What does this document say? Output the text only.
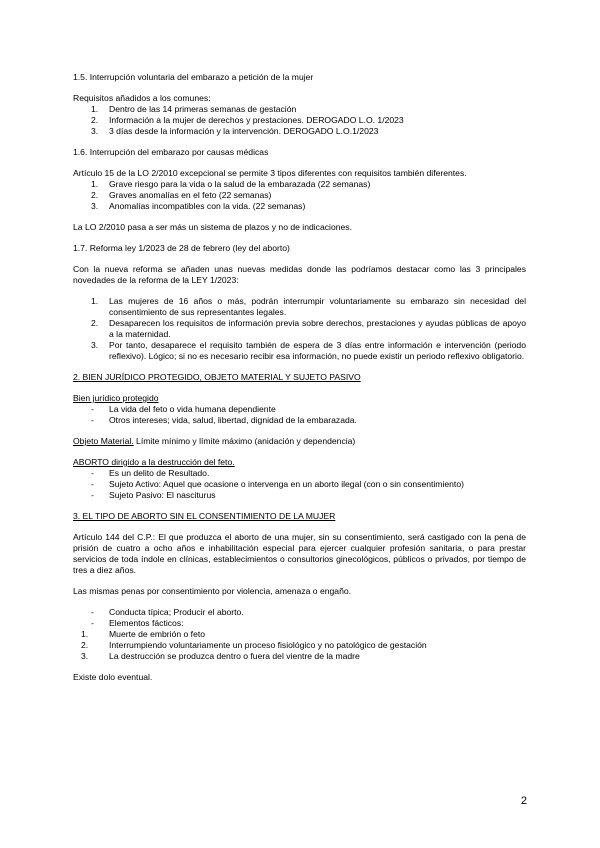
1.5. Interrupción voluntaria del embarazo a petición de la mujer

Requisitos añadidos a los comunes:

1. Dentro de las 14 primeras semanas de gestación
2. Información a la mujer de derechos y prestaciones. DEROGADO L.O. 1/2023
3. 3 días desde la información y la intervención. DEROGADO L.O.1/2023

1.6. Interrupción del embarazo por causas médicas

Artículo 15 de la LO 2/2010 excepcional se permite 3 tipos diferentes con requisitos también diferentes.

1. Grave riesgo para la vida o la salud de la embarazada (22 semanas)
2. Graves anomalías en el feto (22 semanas)
3. Anomalías incompatibles con la vida. (22 semanas)

La LO 2/2010 pasa a ser más un sistema de plazos y no de indicaciones.

1.7. Reforma ley 1/2023 de 28 de febrero (ley del aborto)

Con la nueva reforma se añaden unas nuevas medidas donde las podríamos destacar como las 3 principales novedades de la reforma de la LEY 1/2023:

1. Las mujeres de 16 años o más, podrán interrumpir voluntariamente su embarazo sin necesidad del consentimiento de sus representantes legales.
2. Desaparecen los requisitos de información previa sobre derechos, prestaciones y ayudas públicas de apoyo a la maternidad.
3. Por tanto, desaparece el requisito también de espera de 3 días entre información e intervención (periodo reflexivo). Lógico; si no es necesario recibir esa información, no puede existir un periodo reflexivo obligatorio.

2. BIEN JURÍDICO PROTEGIDO, OBJETO MATERIAL Y SUJETO PASIVO

Bien jurídico protegido

- La vida del feto o vida humana dependiente
- Otros intereses; vida, salud, libertad, dignidad de la embarazada.

Objeto Material. Límite mínimo y límite máximo (anidación y dependencia)

ABORTO dirigido a la destrucción del feto.

- Es un delito de Resultado.
- Sujeto Activo: Aquel que ocasione o intervenga en un aborto ilegal (con o sin consentimiento)
- Sujeto Pasivo: El nasciturus

3. EL TIPO DE ABORTO SIN EL CONSENTIMIENTO DE LA MUJER

Artículo 144 del C.P.: El que produzca el aborto de una mujer, sin su consentimiento, será castigado con la pena de prisión de cuatro a ocho años e inhabilitación especial para ejercer cualquier profesión sanitaria, o para prestar servicios de toda índole en clínicas, establecimientos o consultorios ginecológicos, públicos o privados, por tiempo de tres a diez años.

Las mismas penas por consentimiento por violencia, amenaza o engaño.

- Conducta típica; Producir el aborto.
- Elementos fácticos:
1. Muerte de embrión o feto
2. Interrumpiendo voluntariamente un proceso fisiológico y no patológico de gestación
3. La destrucción se produzca dentro o fuera del vientre de la madre

Existe dolo eventual.

2
